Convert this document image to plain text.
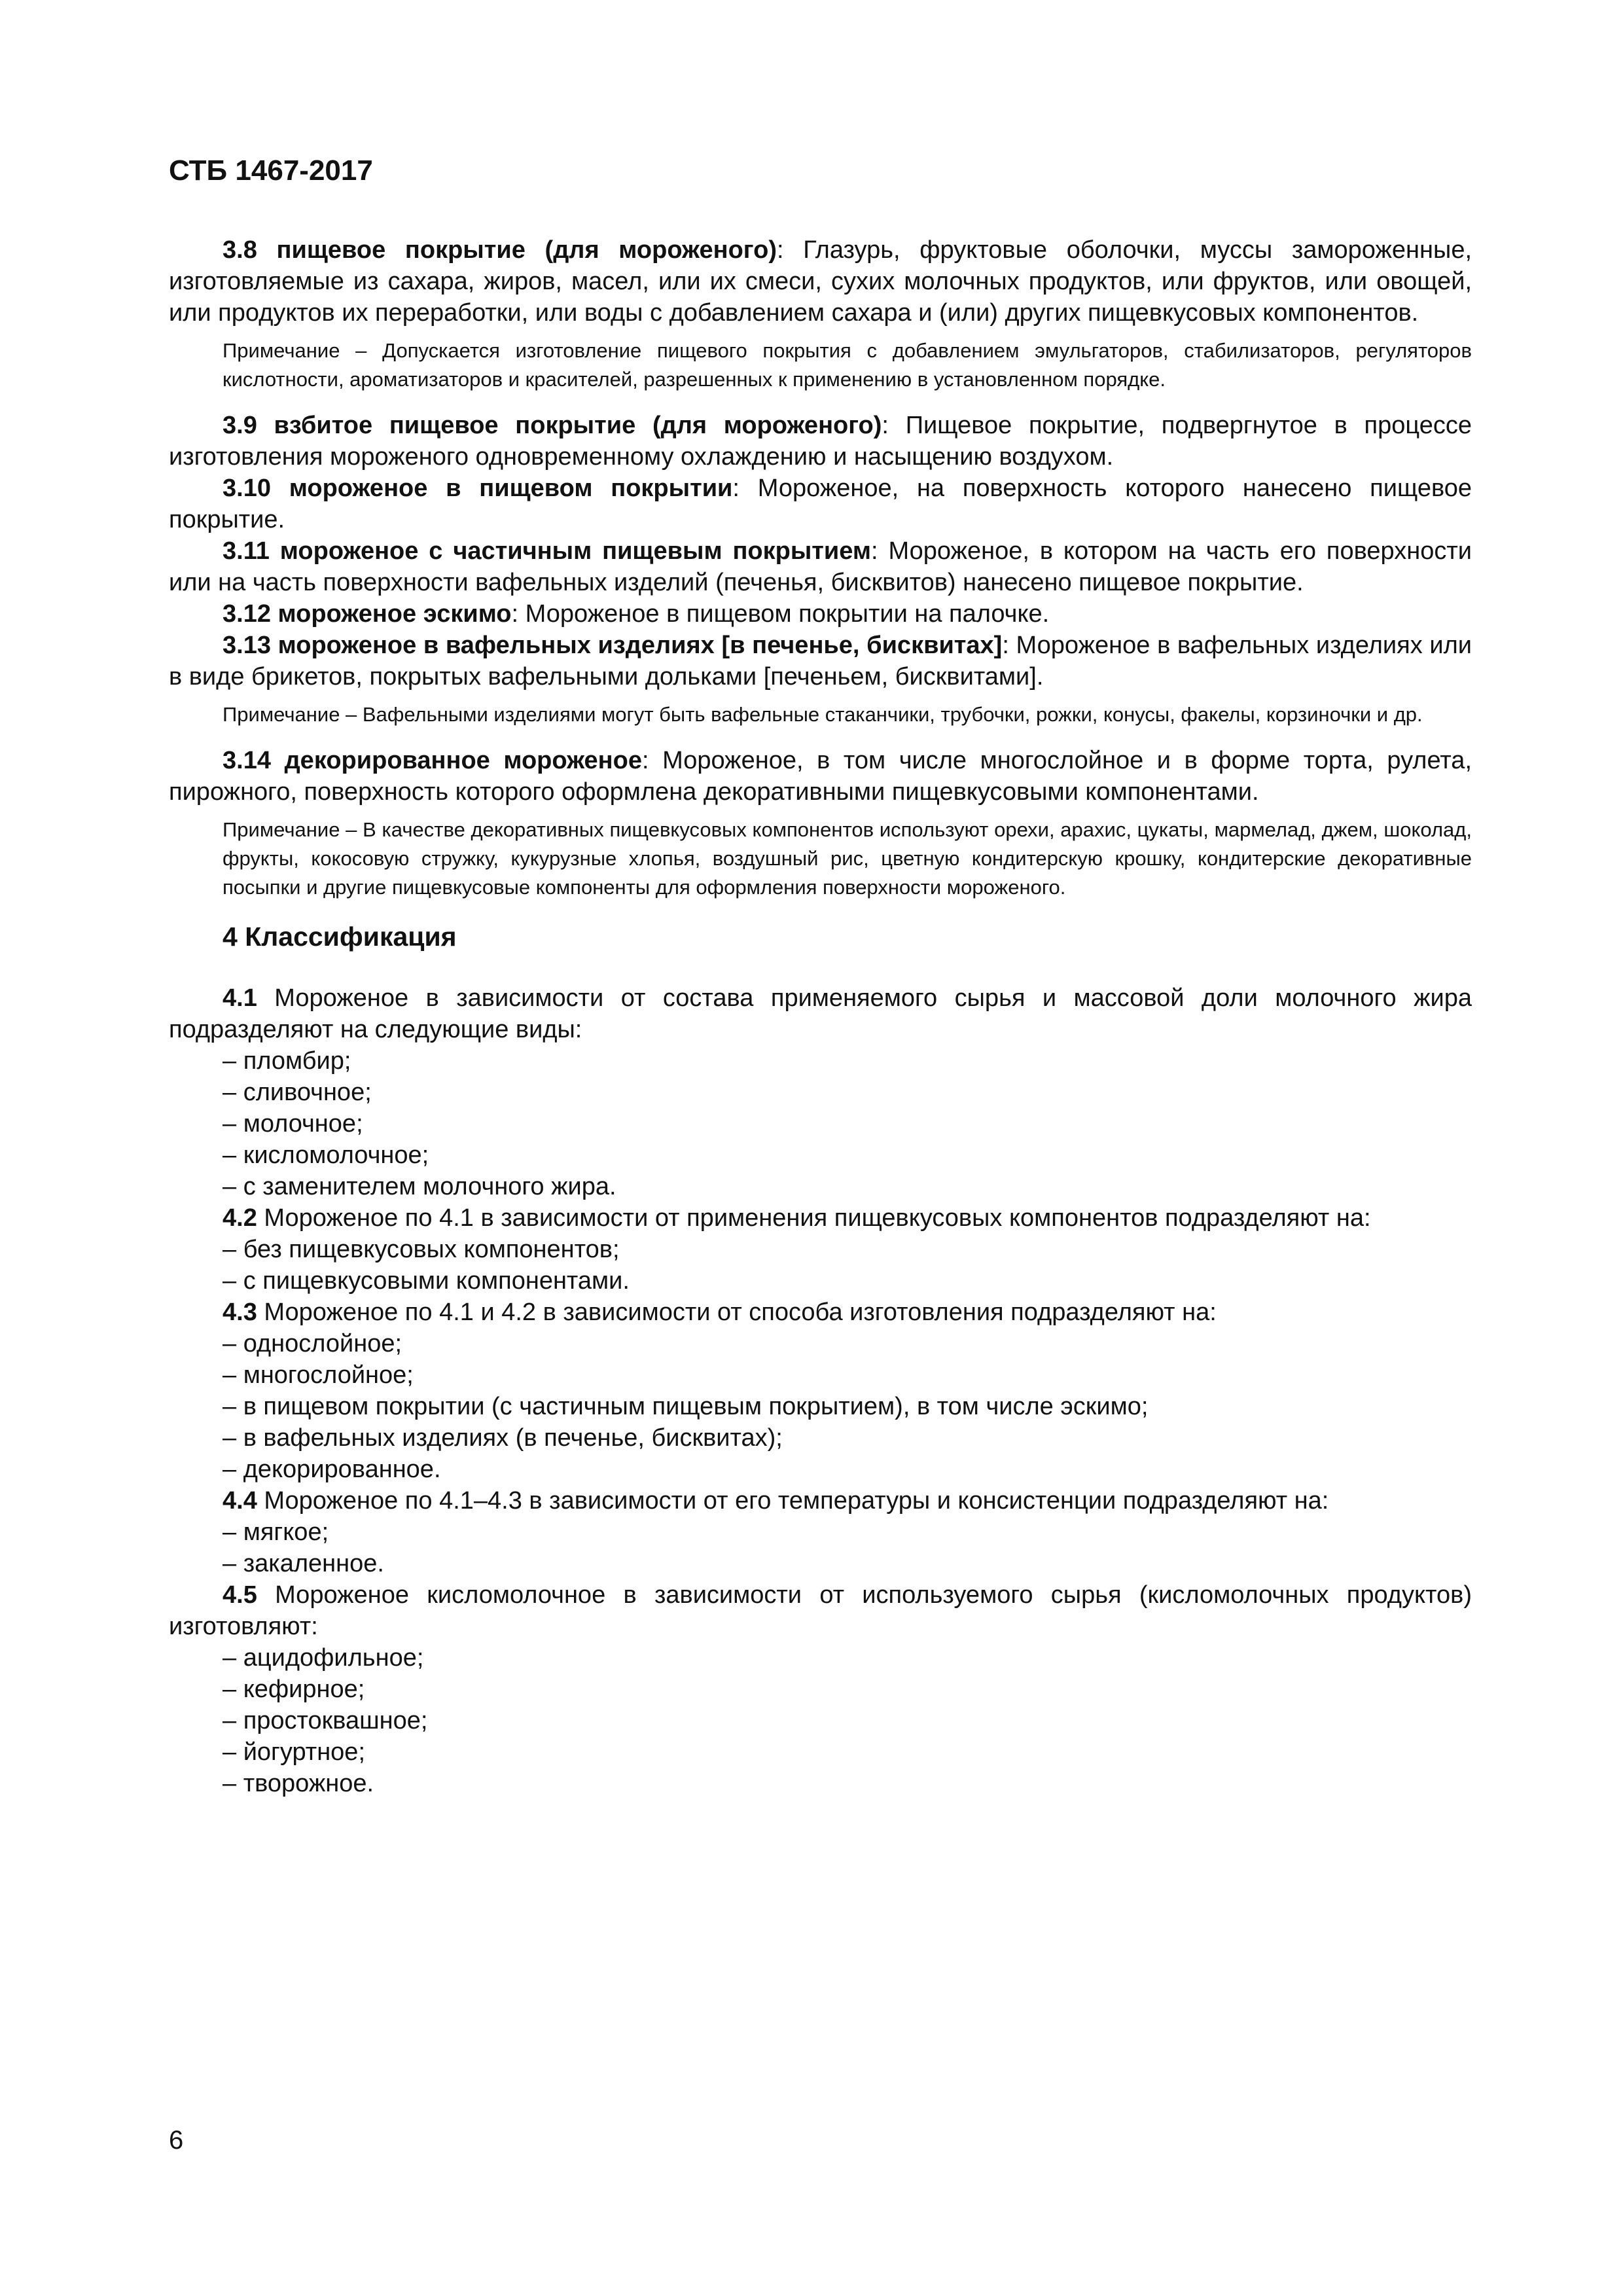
СТБ 1467-2017

3.8 пищевое покрытие (для мороженого): Глазурь, фруктовые оболочки, муссы замороженные, изготовляемые из сахара, жиров, масел, или их смеси, сухих молочных продуктов, или фруктов, или овощей, или продуктов их переработки, или воды с добавлением сахара и (или) других пищевкусовых компонентов.

Примечание – Допускается изготовление пищевого покрытия с добавлением эмульгаторов, стабилизаторов, регуляторов кислотности, ароматизаторов и красителей, разрешенных к применению в установленном порядке.

3.9 взбитое пищевое покрытие (для мороженого): Пищевое покрытие, подвергнутое в процессе изготовления мороженого одновременному охлаждению и насыщению воздухом.

3.10 мороженое в пищевом покрытии: Мороженое, на поверхность которого нанесено пищевое покрытие.

3.11 мороженое с частичным пищевым покрытием: Мороженое, в котором на часть его поверхности или на часть поверхности вафельных изделий (печенья, бисквитов) нанесено пищевое покрытие.

3.12 мороженое эскимо: Мороженое в пищевом покрытии на палочке.

3.13 мороженое в вафельных изделиях [в печенье, бисквитах]: Мороженое в вафельных изделиях или в виде брикетов, покрытых вафельными дольками [печеньем, бисквитами].

Примечание – Вафельными изделиями могут быть вафельные стаканчики, трубочки, рожки, конусы, факелы, корзиночки и др.

3.14 декорированное мороженое: Мороженое, в том числе многослойное и в форме торта, рулета, пирожного, поверхность которого оформлена декоративными пищевкусовыми компонентами.

Примечание – В качестве декоративных пищевкусовых компонентов используют орехи, арахис, цукаты, мармелад, джем, шоколад, фрукты, кокосовую стружку, кукурузные хлопья, воздушный рис, цветную кондитерскую крошку, кондитерские декоративные посыпки и другие пищевкусовые компоненты для оформления поверхности мороженого.

4 Классификация

4.1 Мороженое в зависимости от состава применяемого сырья и массовой доли молочного жира подразделяют на следующие виды:

– пломбир;

– сливочное;

– молочное;

– кисломолочное;

– с заменителем молочного жира.

4.2 Мороженое по 4.1 в зависимости от применения пищевкусовых компонентов подразделяют на:

– без пищевкусовых компонентов;

– с пищевкусовыми компонентами.

4.3 Мороженое по 4.1 и 4.2 в зависимости от способа изготовления подразделяют на:

– однослойное;

– многослойное;

– в пищевом покрытии (с частичным пищевым покрытием), в том числе эскимо;

– в вафельных изделиях (в печенье, бисквитах);

– декорированное.

4.4 Мороженое по 4.1–4.3 в зависимости от его температуры и консистенции подразделяют на:

– мягкое;

– закаленное.

4.5 Мороженое кисломолочное в зависимости от используемого сырья (кисломолочных продуктов) изготовляют:

– ацидофильное;

– кефирное;

– простоквашное;

– йогуртное;

– творожное.

6
